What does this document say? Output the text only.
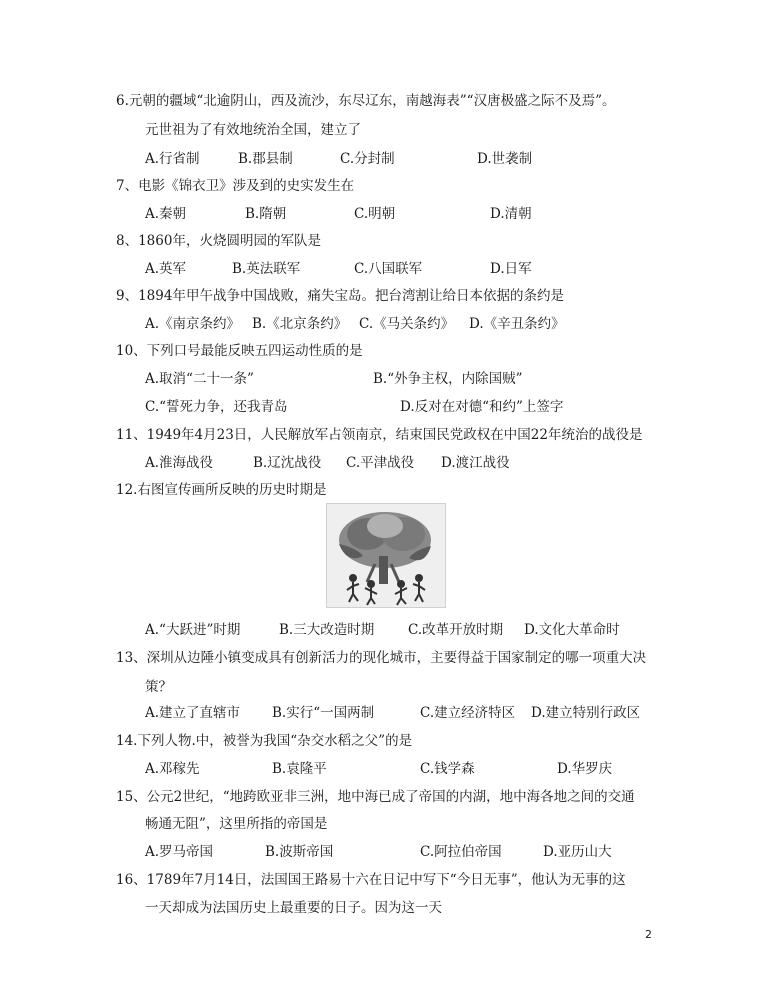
6.元朝的疆域“北逾阴山，西及流沙，东尽辽东，南越海表”“汉唐极盛之际不及焉”。
元世祖为了有效地统治全国，建立了
A.行省制	B.郡县制	C.分封制	D.世袭制
7、电影《锦衣卫》涉及到的史实发生在
A.秦朝	B.隋朝	C.明朝	D.清朝
8、1860年，火烧圆明园的军队是
A.英军	B.英法联军	C.八国联军	D.日军
9、1894年甲午战争中国战败，痛失宝岛。把台湾割让给日本依据的条约是
A.《南京条约》 B.《北京条约》 C.《马关条约》 D.《辛丑条约》
10、下列口号最能反映五四运动性质的是
A.取消“二十一条”	B.“外争主权，内除国贼”
C.“誓死力争，还我青岛	D.反对在对德“和约”上签字
11、1949年4月23日，人民解放军占领南京，结束国民党政权在中国22年统治的战役是
A.淮海战役	B.辽沈战役 C.平津战役 D.渡江战役
12.右图宣传画所反映的历史时期是
A.“大跃进”时期	B.三大改造时期	C.改革开放时期 D.文化大革命时
13、深圳从边陲小镇变成具有创新活力的现化城市，主要得益于国家制定的哪一项重大决
策？
A.建立了直辖市 B.实行“一国两制	C.建立经济特区 D.建立特别行政区
14.下列人物.中，被誉为我国“杂交水稻之父”的是
A.邓稼先	B.袁隆平	C.钱学森	D.华罗庆
15、公元2世纪，“地跨欧亚非三洲，地中海已成了帝国的内湖，地中海各地之间的交通
畅通无阻”，这里所指的帝国是
A.罗马帝国	B.波斯帝国	C.阿拉伯帝国	D.亚历山大
16、1789年7月14日，法国国王路易十六在日记中写下“今日无事”，他认为无事的这
一天却成为法国历史上最重要的日子。因为这一天
2
